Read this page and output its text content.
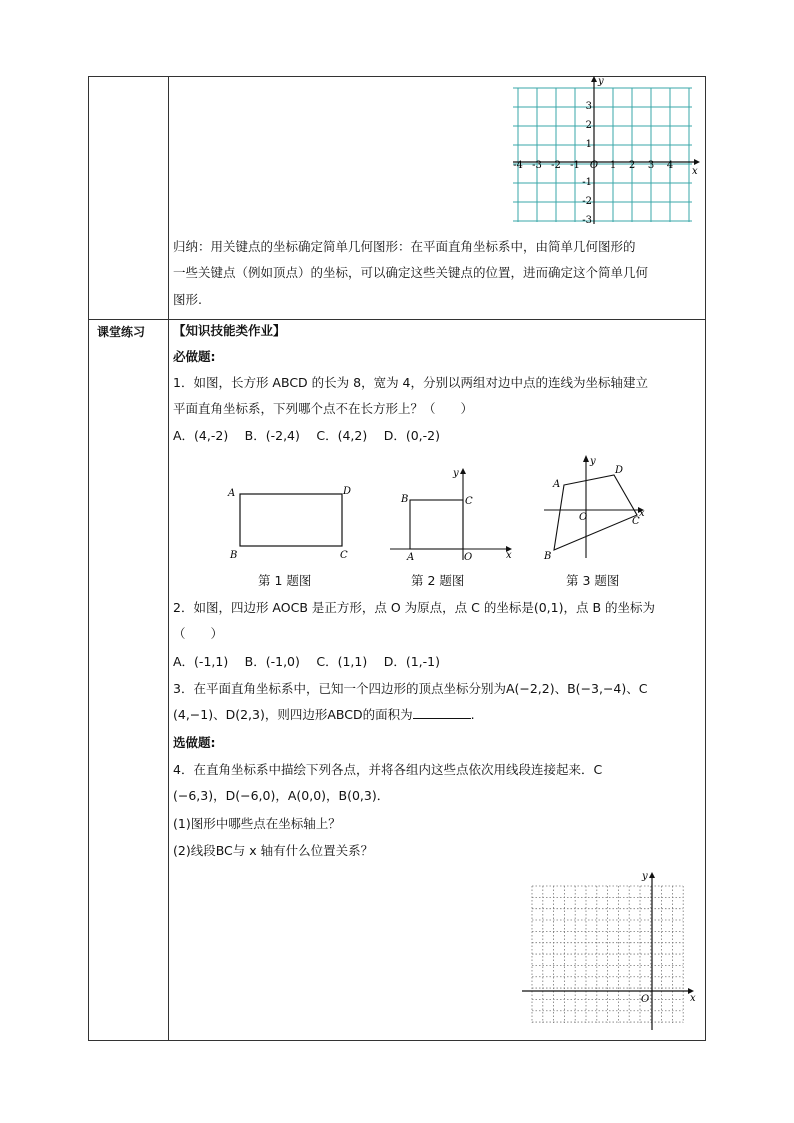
课堂练习
x
y
-4 -3 -2 -1 O 1 2 3 4
3
2
1
-1
-2
-3
归纳：用关键点的坐标确定简单几何图形：在平面直角坐标系中，由简单几何图形的
一些关键点（例如顶点）的坐标，可以确定这些关键点的位置，进而确定这个简单几何
图形.
【知识技能类作业】
必做题:
1．如图，长方形 ABCD 的长为 8，宽为 4，分别以两组对边中点的连线为坐标轴建立
平面直角坐标系，下列哪个点不在长方形上？（　　）
A．(4,-2)　 B．(-2,4)　 C．(4,2)　 D．(0,-2)
A	D
B	C
y
x
B	C
A	O
y
x
A
D
C
B
O
第 1 题图	第 2 题图	第 3 题图
2．如图，四边形 AOCB 是正方形，点 O 为原点，点 C 的坐标是(0,1)，点 B 的坐标为
（　　）
A．(-1,1)　 B．(-1,0)　 C．(1,1)　 D．(1,-1)
3．在平面直角坐标系中，已知一个四边形的顶点坐标分别为A(−2,2)、B(−3,−4)、C
(4,−1)、D(2,3)，则四边形ABCD的面积为	.
选做题:
4．在直角坐标系中描绘下列各点，并将各组内这些点依次用线段连接起来．C
(−6,3)，D(−6,0)，A(0,0)，B(0,3)．
(1)图形中哪些点在坐标轴上？
(2)线段BC与 x 轴有什么位置关系？
y
x
O
